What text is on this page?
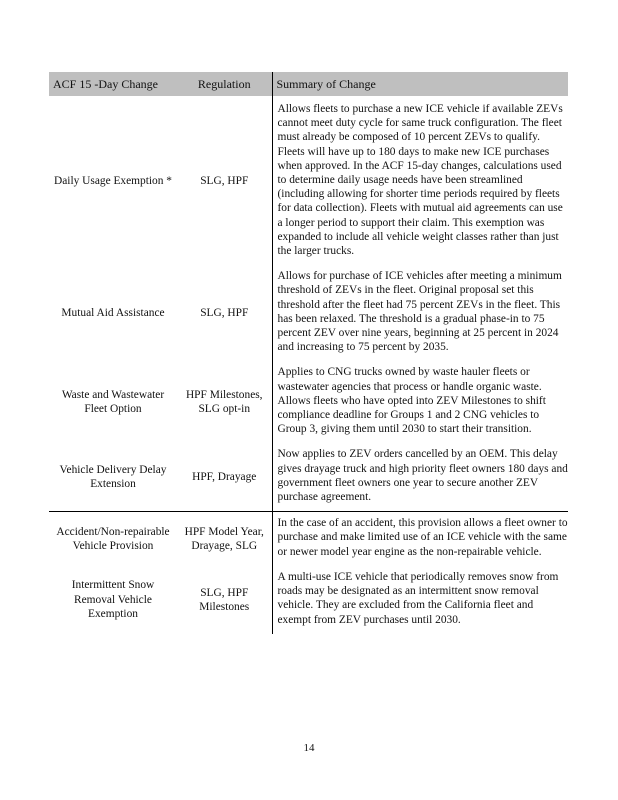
ACF 15 -Day Change	Regulation	Summary of Change
Daily Usage Exemption *	SLG, HPF	Allows fleets to purchase a new ICE vehicle if available ZEVs cannot meet duty cycle for same truck configuration. The fleet must already be composed of 10 percent ZEVs to qualify. Fleets will have up to 180 days to make new ICE purchases when approved. In the ACF 15-day changes, calculations used to determine daily usage needs have been streamlined (including allowing for shorter time periods required by fleets for data collection). Fleets with mutual aid agreements can use a longer period to support their claim. This exemption was expanded to include all vehicle weight classes rather than just the larger trucks.
Mutual Aid Assistance	SLG, HPF	Allows for purchase of ICE vehicles after meeting a minimum threshold of ZEVs in the fleet. Original proposal set this threshold after the fleet had 75 percent ZEVs in the fleet. This has been relaxed. The threshold is a gradual phase-in to 75 percent ZEV over nine years, beginning at 25 percent in 2024 and increasing to 75 percent by 2035.
Waste and Wastewater Fleet Option	HPF Milestones, SLG opt-in	Applies to CNG trucks owned by waste hauler fleets or wastewater agencies that process or handle organic waste. Allows fleets who have opted into ZEV Milestones to shift compliance deadline for Groups 1 and 2 CNG vehicles to Group 3, giving them until 2030 to start their transition.
Vehicle Delivery Delay Extension	HPF, Drayage	Now applies to ZEV orders cancelled by an OEM. This delay gives drayage truck and high priority fleet owners 180 days and government fleet owners one year to secure another ZEV purchase agreement.
Accident/Non-repairable Vehicle Provision	HPF Model Year, Drayage, SLG	In the case of an accident, this provision allows a fleet owner to purchase and make limited use of an ICE vehicle with the same or newer model year engine as the non-repairable vehicle.
Intermittent Snow Removal Vehicle Exemption	SLG, HPF Milestones	A multi-use ICE vehicle that periodically removes snow from roads may be designated as an intermittent snow removal vehicle. They are excluded from the California fleet and exempt from ZEV purchases until 2030.
14
